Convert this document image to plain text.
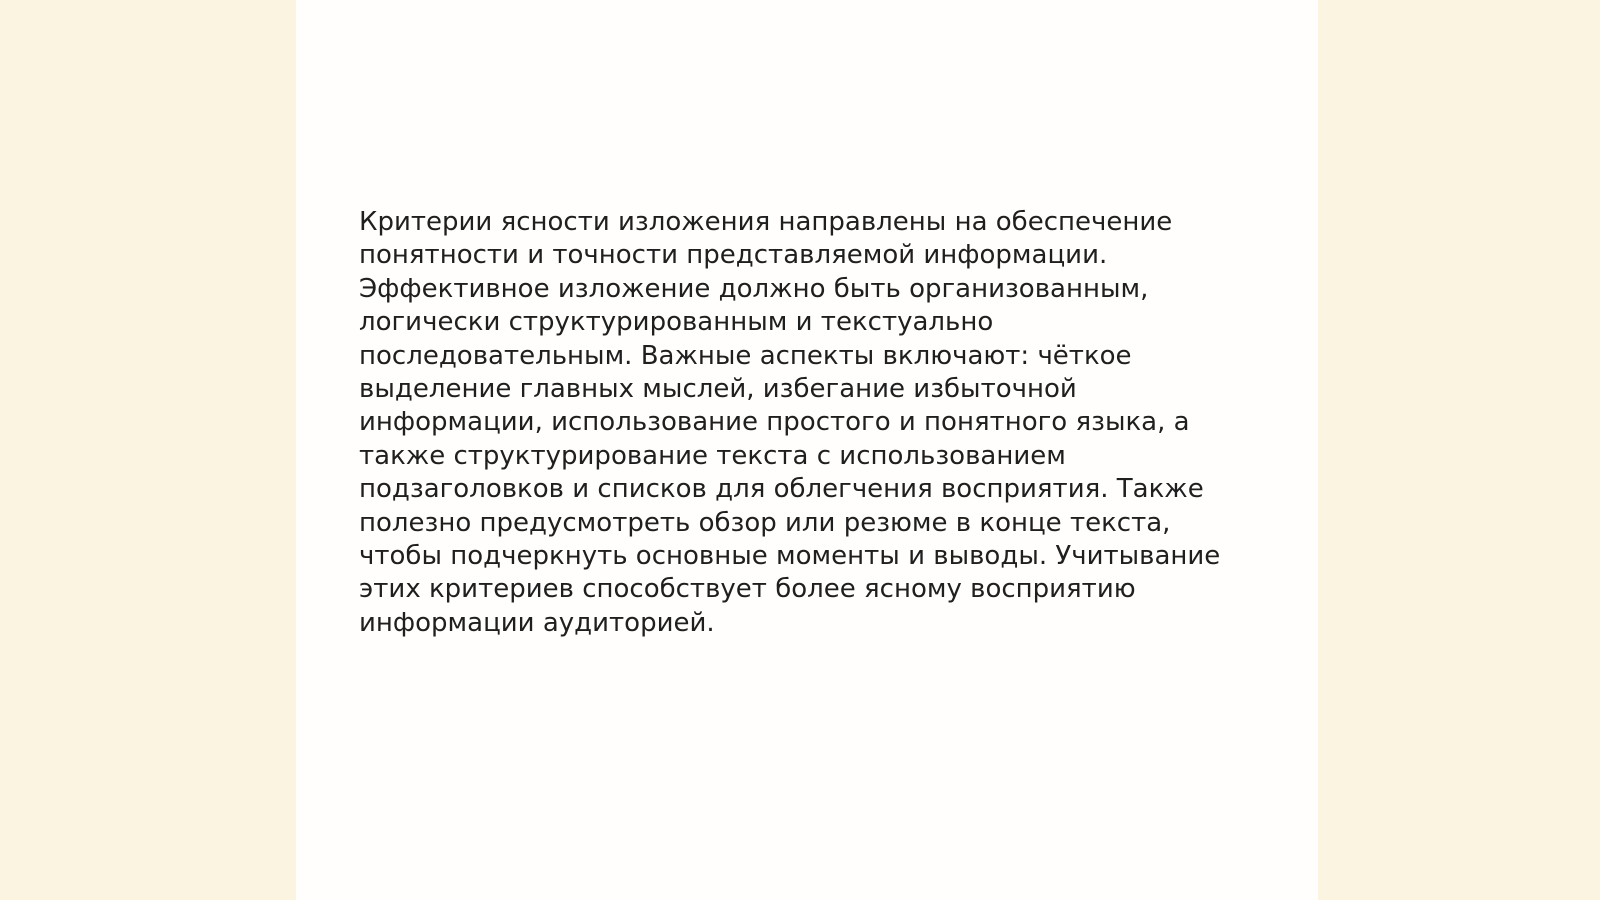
Критерии ясности изложения направлены на обеспечение
понятности и точности представляемой информации.
Эффективное изложение должно быть организованным,
логически структурированным и текстуально
последовательным. Важные аспекты включают: чёткое
выделение главных мыслей, избегание избыточной
информации, использование простого и понятного языка, а
также структурирование текста с использованием
подзаголовков и списков для облегчения восприятия. Также
полезно предусмотреть обзор или резюме в конце текста,
чтобы подчеркнуть основные моменты и выводы. Учитывание
этих критериев способствует более ясному восприятию
информации аудиторией.
